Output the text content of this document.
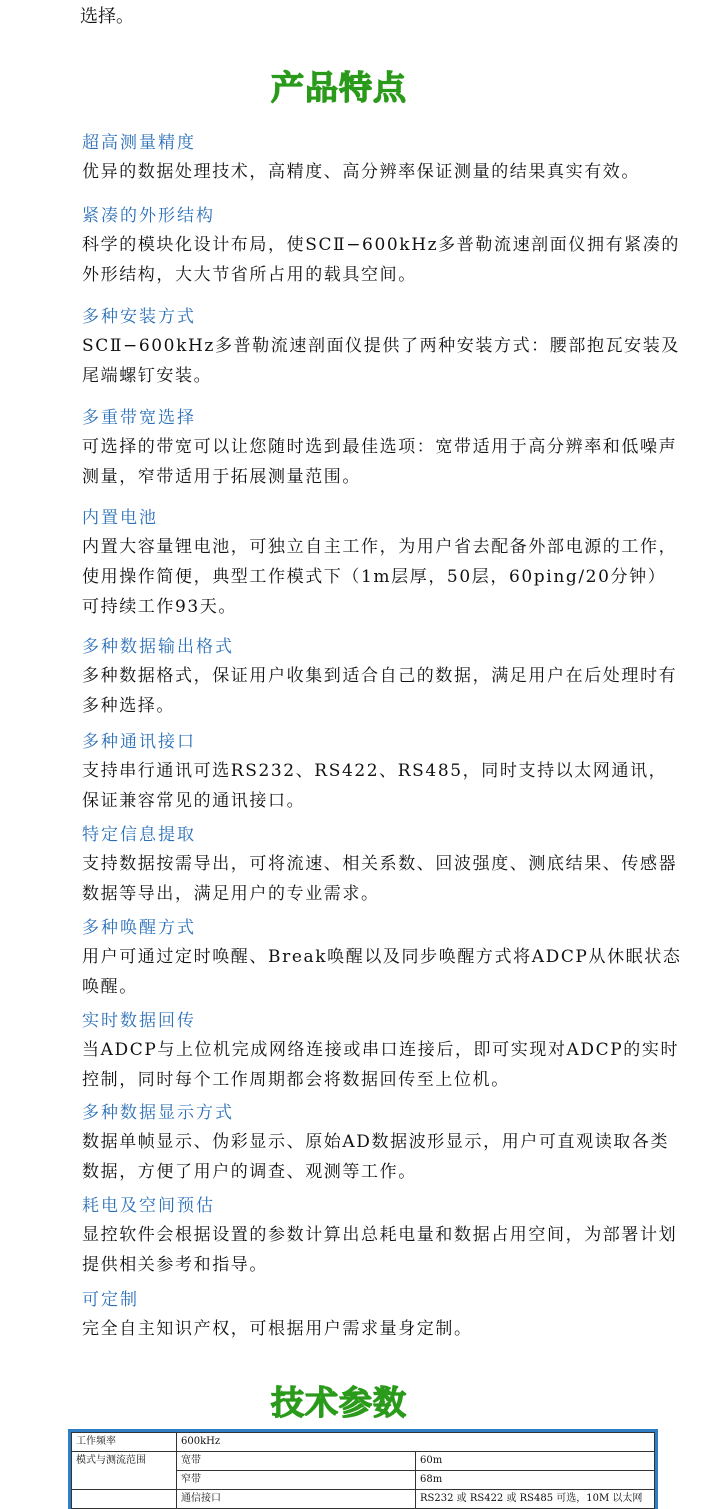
选择。
产品特点
超高测量精度
优异的数据处理技术，高精度、高分辨率保证测量的结果真实有效。
紧凑的外形结构
科学的模块化设计布局，使SCⅡ−600kHz多普勒流速剖面仪拥有紧凑的外形结构，大大节省所占用的载具空间。
多种安装方式
SCⅡ−600kHz多普勒流速剖面仪提供了两种安装方式：腰部抱瓦安装及尾端螺钉安装。
多重带宽选择
可选择的带宽可以让您随时选到最佳选项：宽带适用于高分辨率和低噪声测量，窄带适用于拓展测量范围。
内置电池
内置大容量锂电池，可独立自主工作，为用户省去配备外部电源的工作，使用操作简便，典型工作模式下（1m层厚，50层，60ping/20分钟）可持续工作93天。
多种数据输出格式
多种数据格式，保证用户收集到适合自己的数据，满足用户在后处理时有多种选择。
多种通讯接口
支持串行通讯可选RS232、RS422、RS485，同时支持以太网通讯，保证兼容常见的通讯接口。
特定信息提取
支持数据按需导出，可将流速、相关系数、回波强度、测底结果、传感器数据等导出，满足用户的专业需求。
多种唤醒方式
用户可通过定时唤醒、Break唤醒以及同步唤醒方式将ADCP从休眠状态唤醒。
实时数据回传
当ADCP与上位机完成网络连接或串口连接后，即可实现对ADCP的实时控制，同时每个工作周期都会将数据回传至上位机。
多种数据显示方式
数据单帧显示、伪彩显示、原始AD数据波形显示，用户可直观读取各类数据，方便了用户的调查、观测等工作。
耗电及空间预估
显控软件会根据设置的参数计算出总耗电量和数据占用空间，为部署计划提供相关参考和指导。
可定制
完全自主知识产权，可根据用户需求量身定制。
技术参数
工作频率	600kHz	
模式与测流范围	宽带	60m
	窄带	68m
	通信接口	RS232 或 RS422 或 RS485 可选，10M 以太网
